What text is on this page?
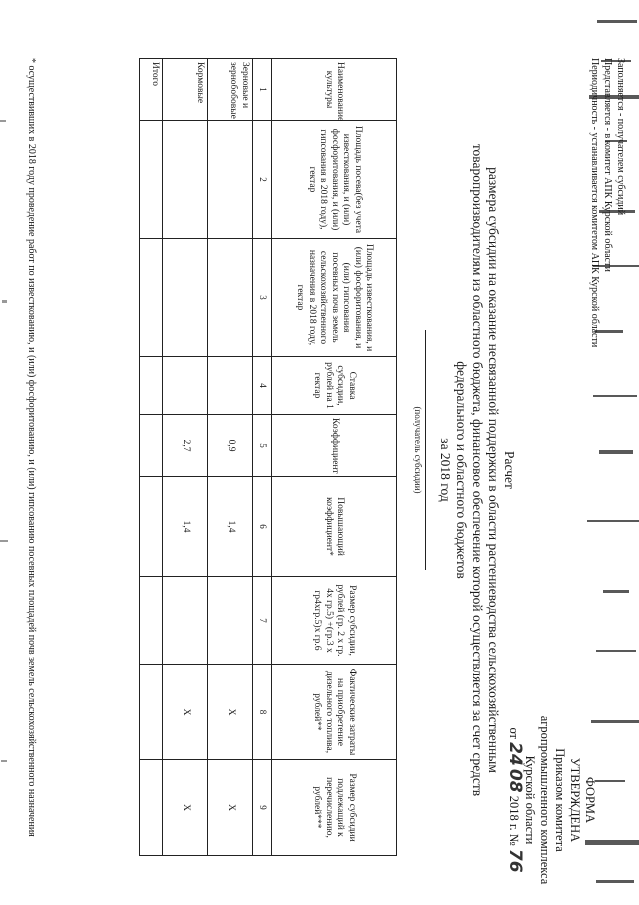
Заполняется - получателем субсидий
Представляется - в комитет АПК Курской области
Периодичность - устанавливается комитетом АПК Курской области
ФОРМА
УТВЕРЖДЕНА
Приказом комитета
агропромышленного комплекса
Курской области
от 24 08 2018 г. № 76
Расчет
размера субсидии на оказание несвязанной поддержки в области растениеводства сельскохозяйственным
товаропроизводителям из областного бюджета, финансовое обеспечение которой осуществляется за счет средств
федерального и областного бюджетов
за 2018 год
(получатель субсидии)
Наименование культуры	Площадь посева(без учета известкования, и (или) фосфоритования, и (или) гипсования в 2018 году), гектар	Площадь известкования, и (или) фосфоритования, и (или) гипсования посевных почв земель сельскохозяйственного назначения в 2018 году, гектар	Ставка субсидии, рублей на 1 гектар	Коэффициент	Повышающий коэффициент*	Размер субсидии, рублей (гр. 2 х гр. 4х гр.5) +(гр.3 х гр4хгр.5)х гр.6	Фактические затраты на приобретение дизельного топлива, рублей**	Размер субсидии подлежащий к перечислению, рублей***
1	2	3	4	5	6	7	8	9
Зерновые и зернобобовые				0,9	1,4		Х	Х
Кормовые				2,7	1,4		Х	Х
Итого								
* осуществивших в 2018 году проведение работ по известкованию, и (или) фосфоритованию, и (или) гипсованию посевных площадей почв земель сельскохозяйственного назначения
